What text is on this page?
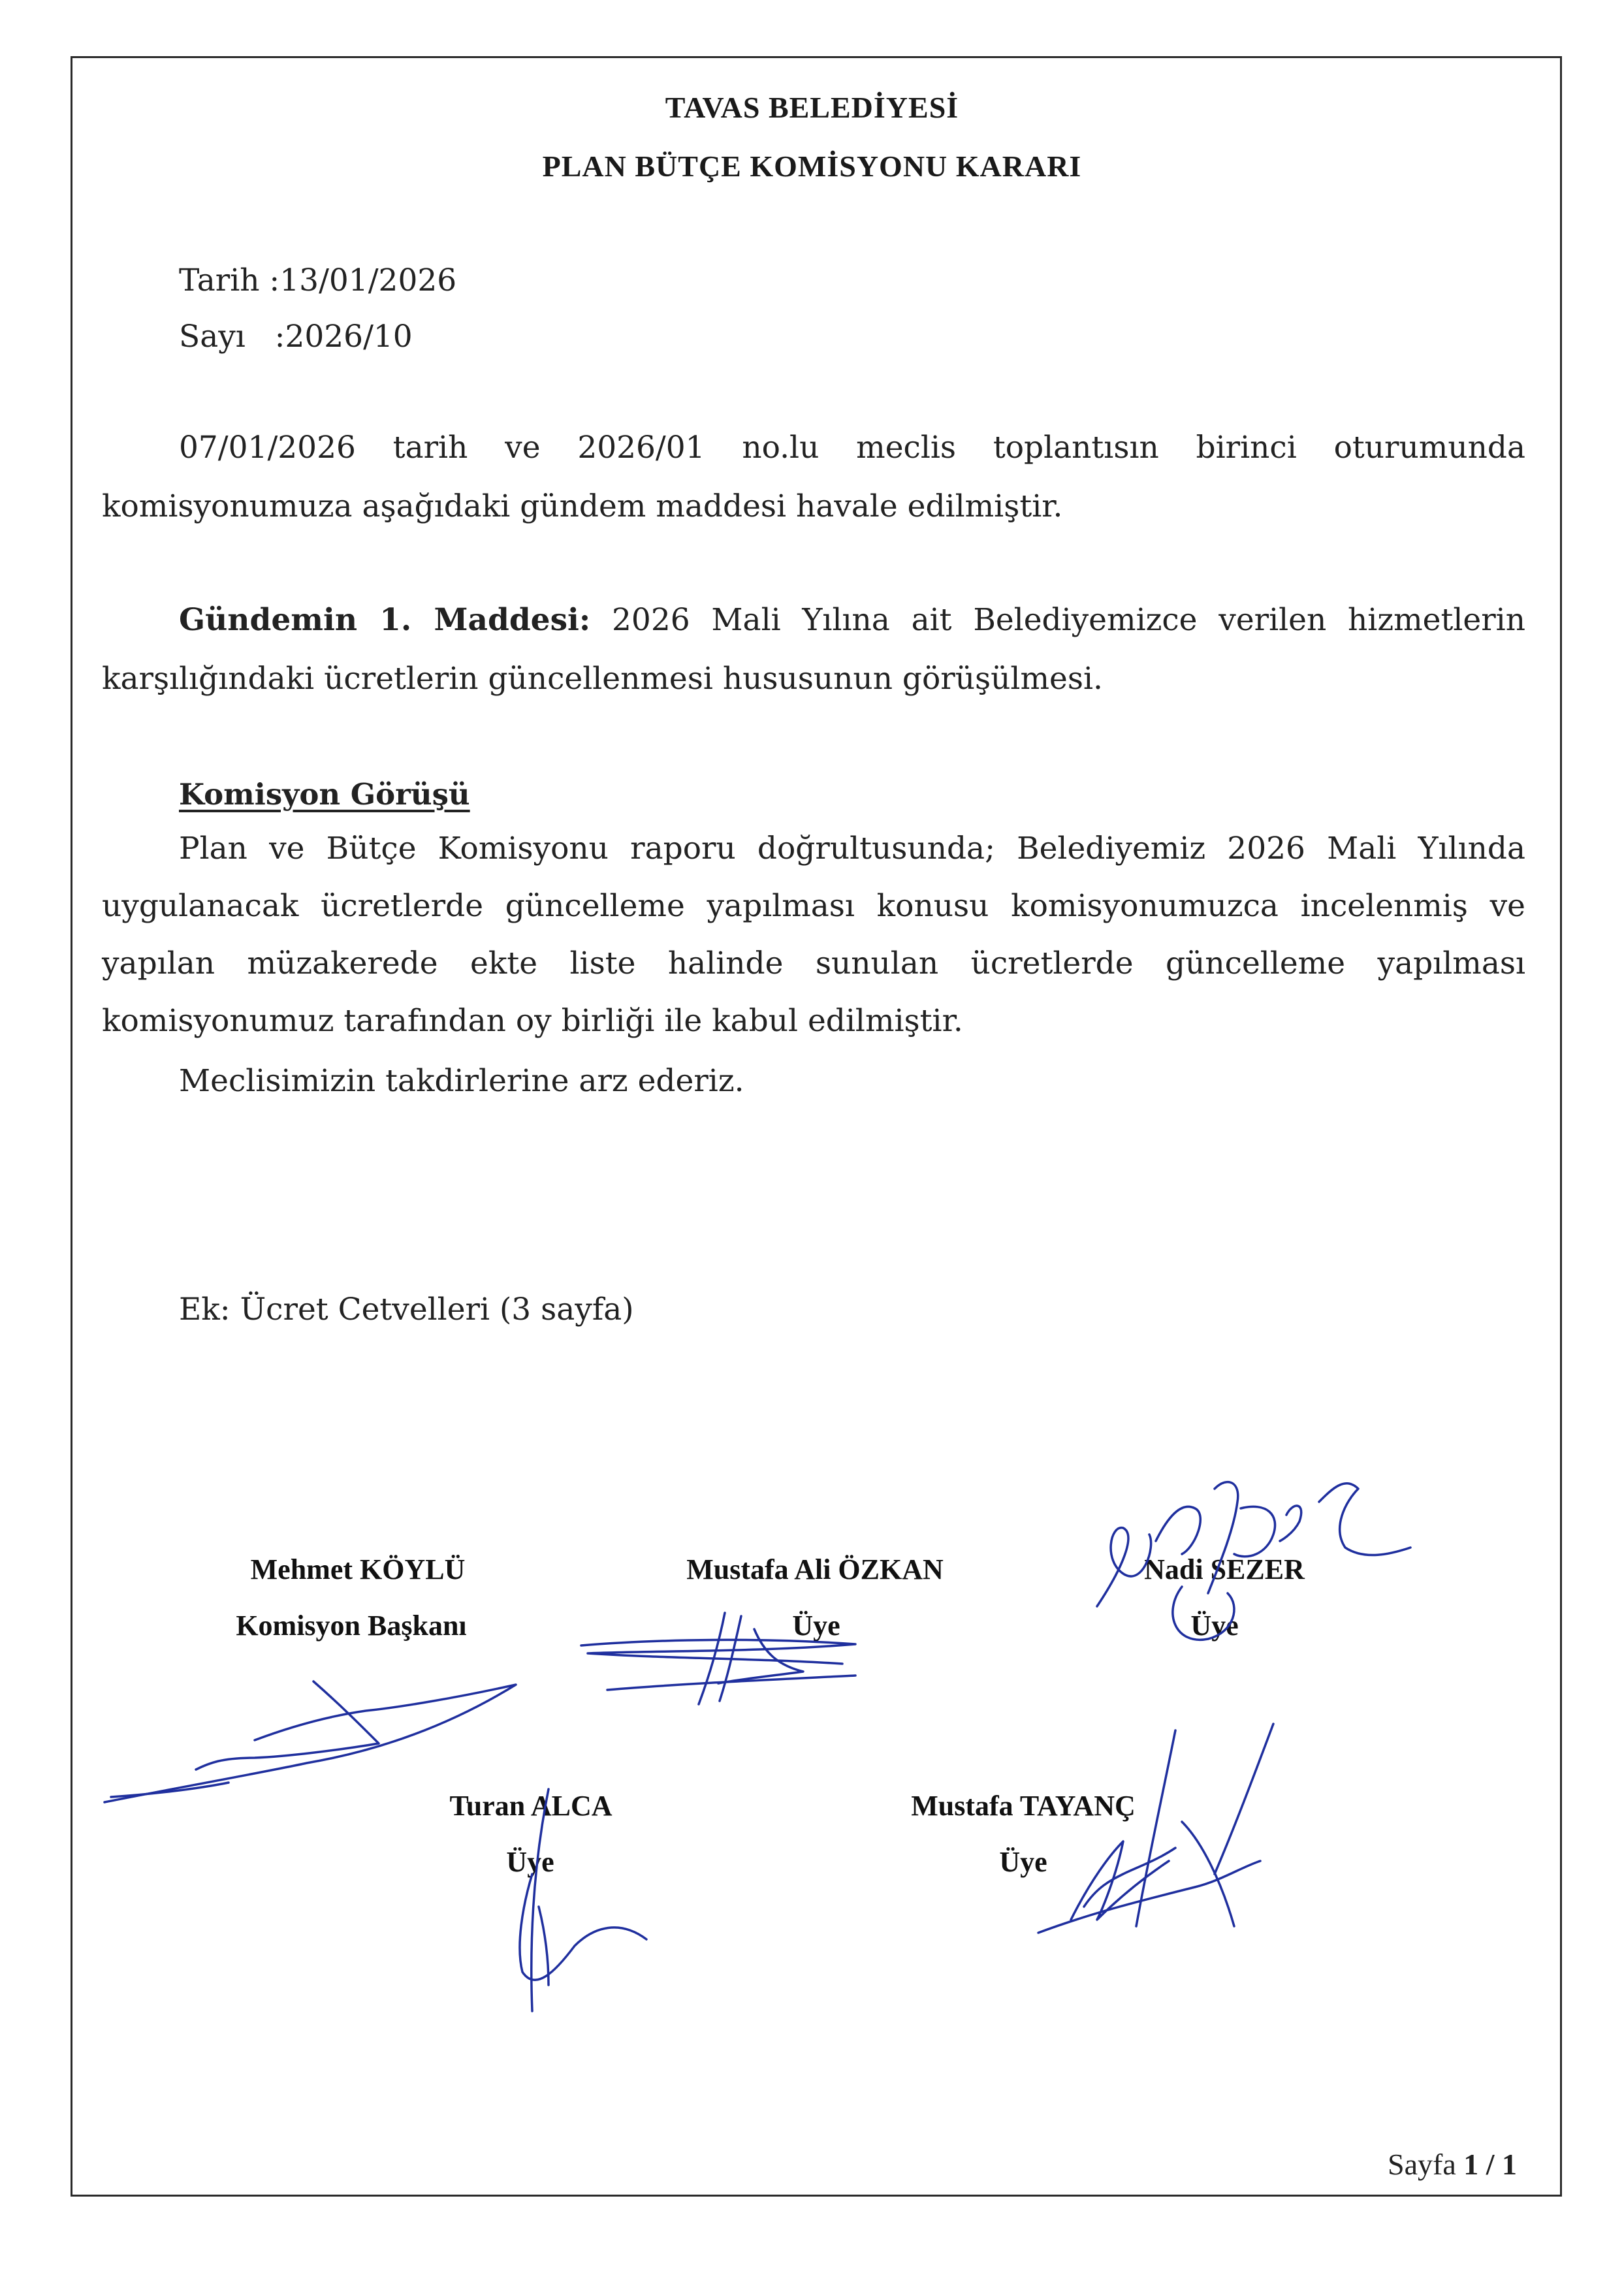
TAVAS BELEDİYESİ
PLAN BÜTÇE KOMİSYONU KARARI
Tarih :13/01/2026
Sayı   :2026/10
07/01/2026 tarih ve 2026/01 no.lu meclis toplantısın birinci oturumunda
komisyonumuza aşağıdaki gündem maddesi havale edilmiştir.
Gündemin 1. Maddesi: 2026 Mali Yılına ait Belediyemizce verilen hizmetlerin
karşılığındaki ücretlerin güncellenmesi hususunun görüşülmesi.
Komisyon Görüşü
Plan ve Bütçe Komisyonu raporu doğrultusunda; Belediyemiz 2026 Mali Yılında
uygulanacak ücretlerde güncelleme yapılması konusu komisyonumuzca incelenmiş ve
yapılan müzakerede ekte liste halinde sunulan ücretlerde güncelleme yapılması
komisyonumuz tarafından oy birliği ile kabul edilmiştir.
Meclisimizin takdirlerine arz ederiz.
Ek: Ücret Cetvelleri (3 sayfa)
Mehmet KÖYLÜ
Komisyon Başkanı
Mustafa Ali ÖZKAN
Üye
Nadi SEZER
Üye
Turan ALCA
Üye
Mustafa TAYANÇ
Üye
Sayfa 1 / 1
